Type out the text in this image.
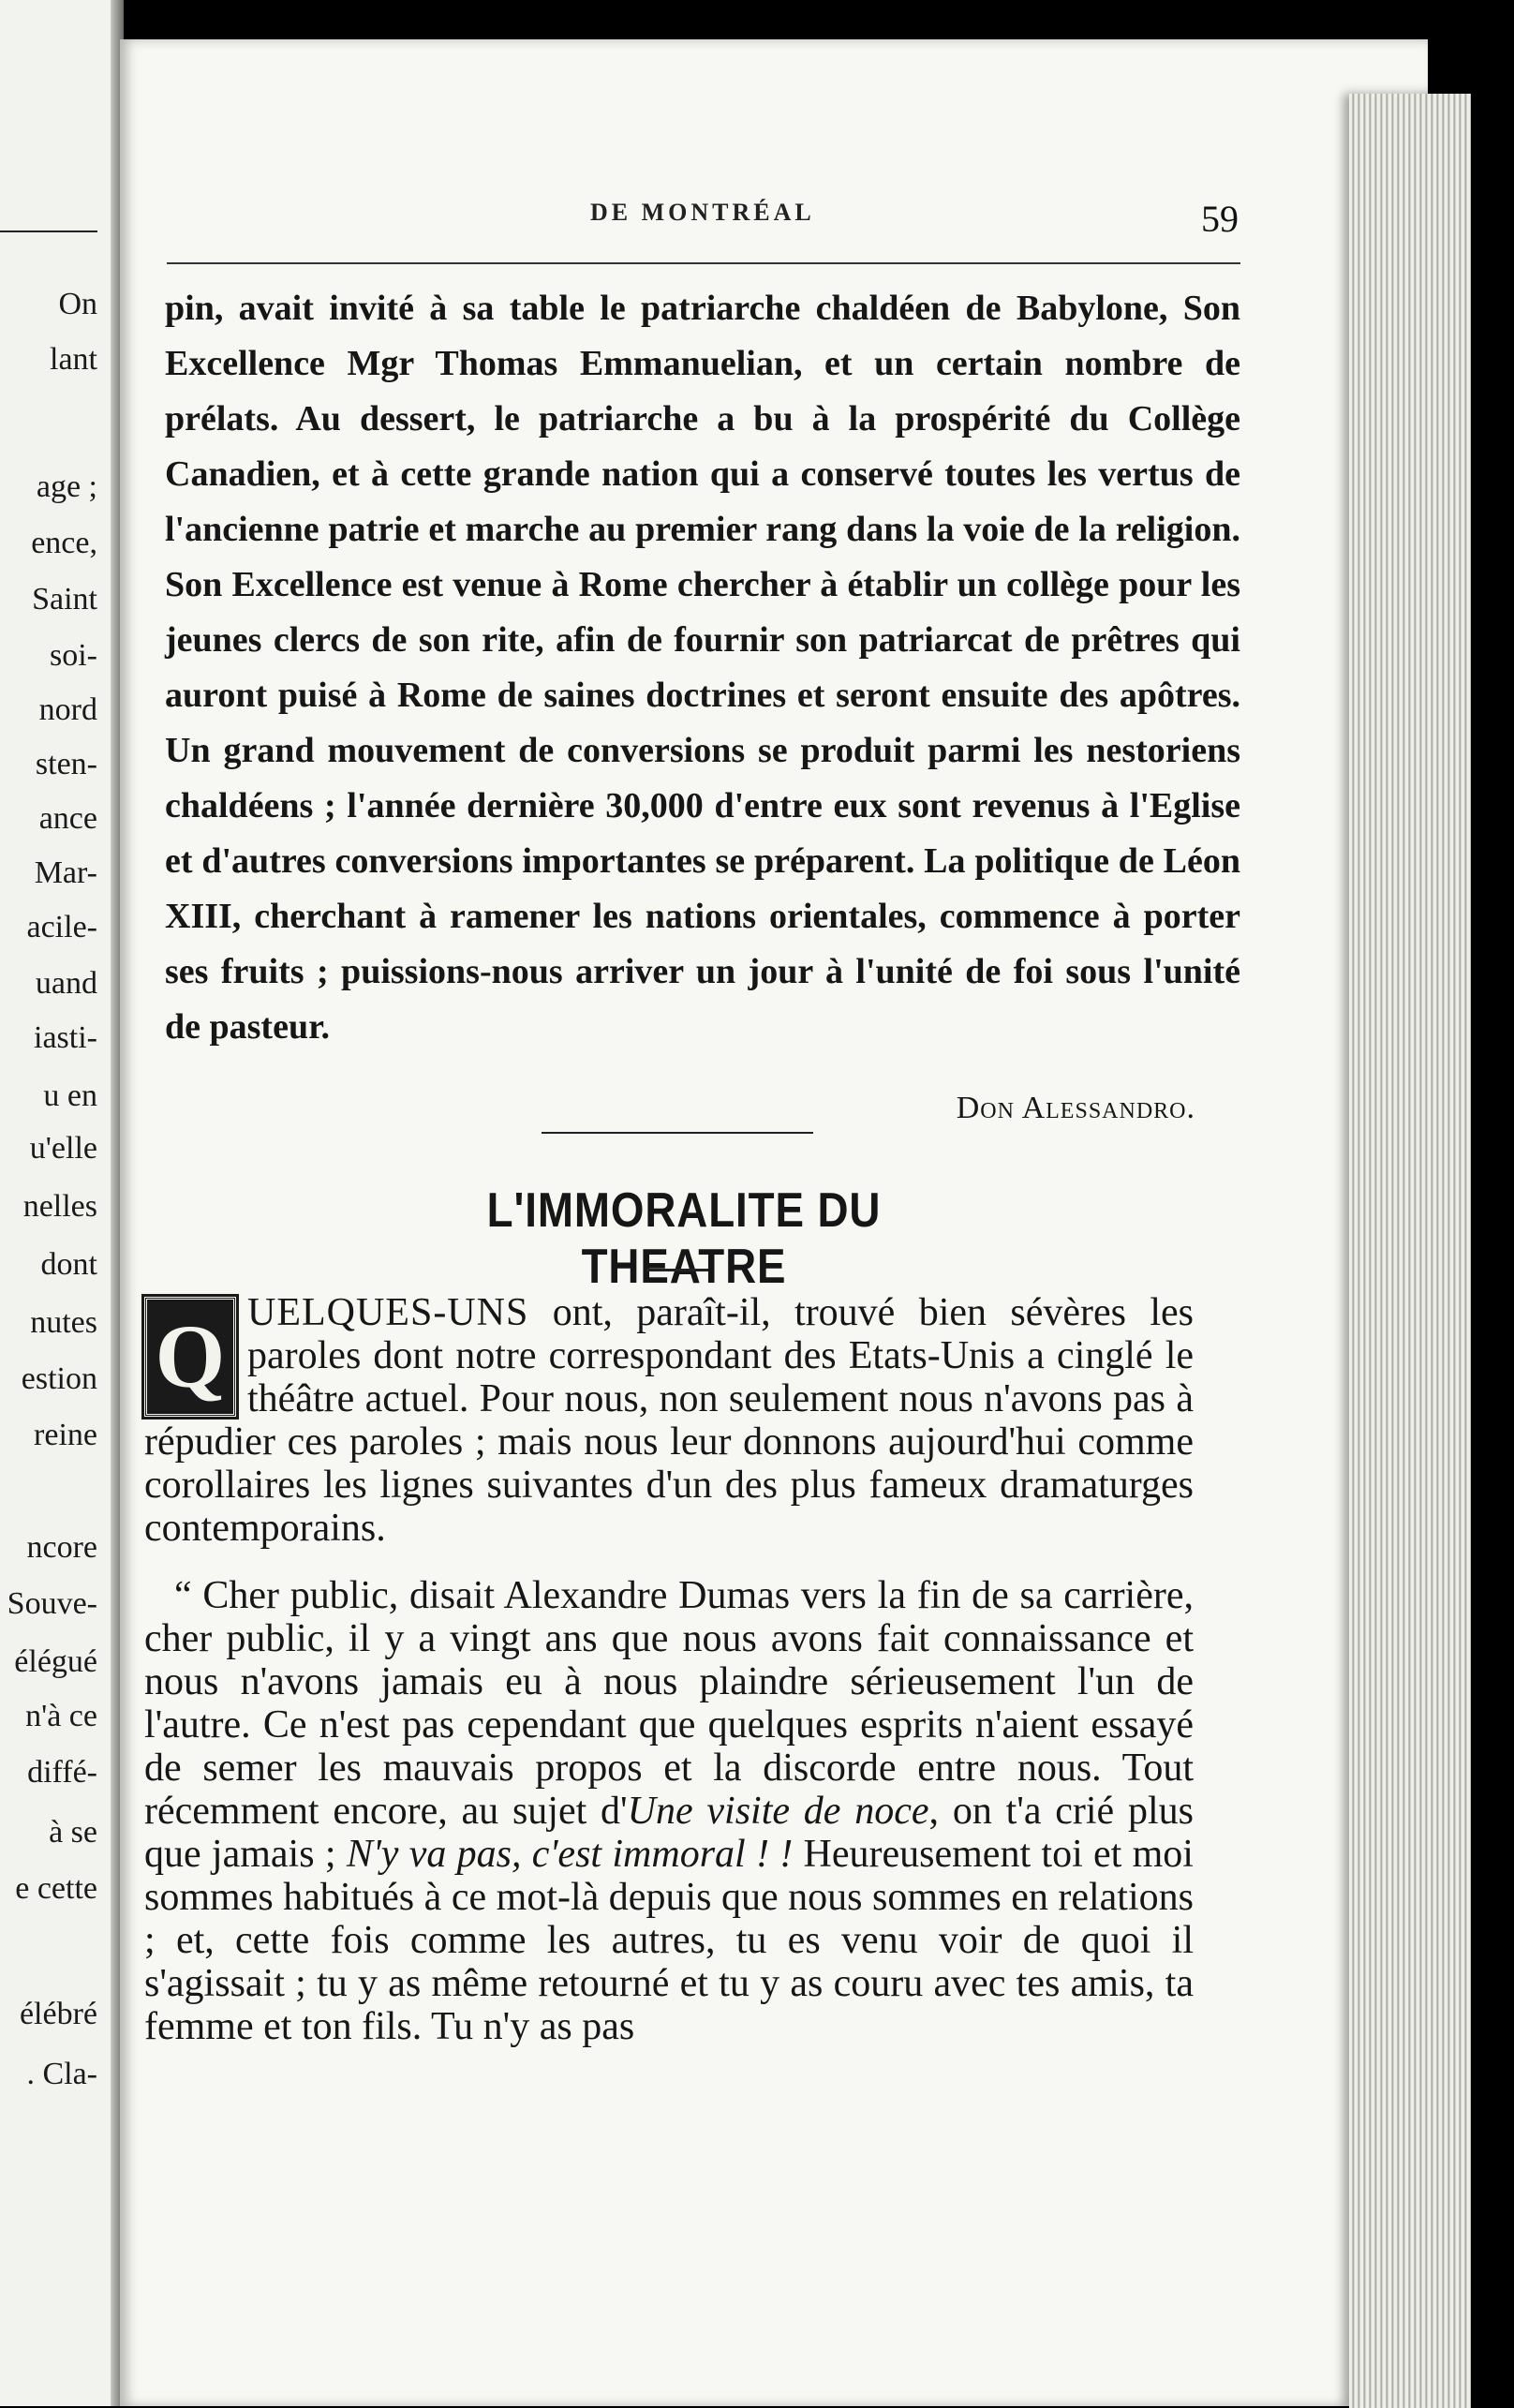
On
lant
age ;
ence,
Saint
soi-
nord
sten-
ance
Mar-
acile-
uand
iasti-
u en
u'elle
nelles
dont
nutes
estion
reine
ncore
Souve-
élégué
n'à ce
diffé-
à se
e cette
élébré
. Cla-
DE MONTRÉAL	59

pin, avait invité à sa table le patriarche chaldéen de Babylone, Son Excellence Mgr Thomas Emmanuelian, et un certain nombre de prélats. Au dessert, le patriarche a bu à la prospérité du Collège Canadien, et à cette grande nation qui a conservé toutes les vertus de l'ancienne patrie et marche au premier rang dans la voie de la religion. Son Excellence est venue à Rome chercher à établir un collège pour les jeunes clercs de son rite, afin de fournir son patriarcat de prêtres qui auront puisé à Rome de saines doctrines et seront ensuite des apôtres. Un grand mouvement de conversions se produit parmi les nestoriens chaldéens ; l'année dernière 30,000 d'entre eux sont revenus à l'Eglise et d'autres conversions importantes se préparent. La politique de Léon XIII, cherchant à ramener les nations orientales, commence à porter ses fruits ; puissions-nous arriver un jour à l'unité de foi sous l'unité de pasteur.

Don Alessandro.
L'IMMORALITE DU THEATRE

Q UELQUES-UNS ont, paraît-il, trouvé bien sévères les paroles dont notre correspondant des Etats-Unis a cinglé le théâtre actuel. Pour nous, non seulement nous n'avons pas à répudier ces paroles ; mais nous leur donnons aujourd'hui comme corollaires les lignes suivantes d'un des plus fameux dramaturges contemporains.

“ Cher public, disait Alexandre Dumas vers la fin de sa carrière, cher public, il y a vingt ans que nous avons fait connaissance et nous n'avons jamais eu à nous plaindre sérieusement l'un de l'autre. Ce n'est pas cependant que quelques esprits n'aient essayé de semer les mauvais propos et la discorde entre nous. Tout récemment encore, au sujet d'Une visite de noce, on t'a crié plus que jamais ; N'y va pas, c'est immoral ! ! Heureusement toi et moi sommes habitués à ce mot-là depuis que nous sommes en relations ; et, cette fois comme les autres, tu es venu voir de quoi il s'agissait ; tu y as même retourné et tu y as couru avec tes amis, ta femme et ton fils. Tu n'y as pas
